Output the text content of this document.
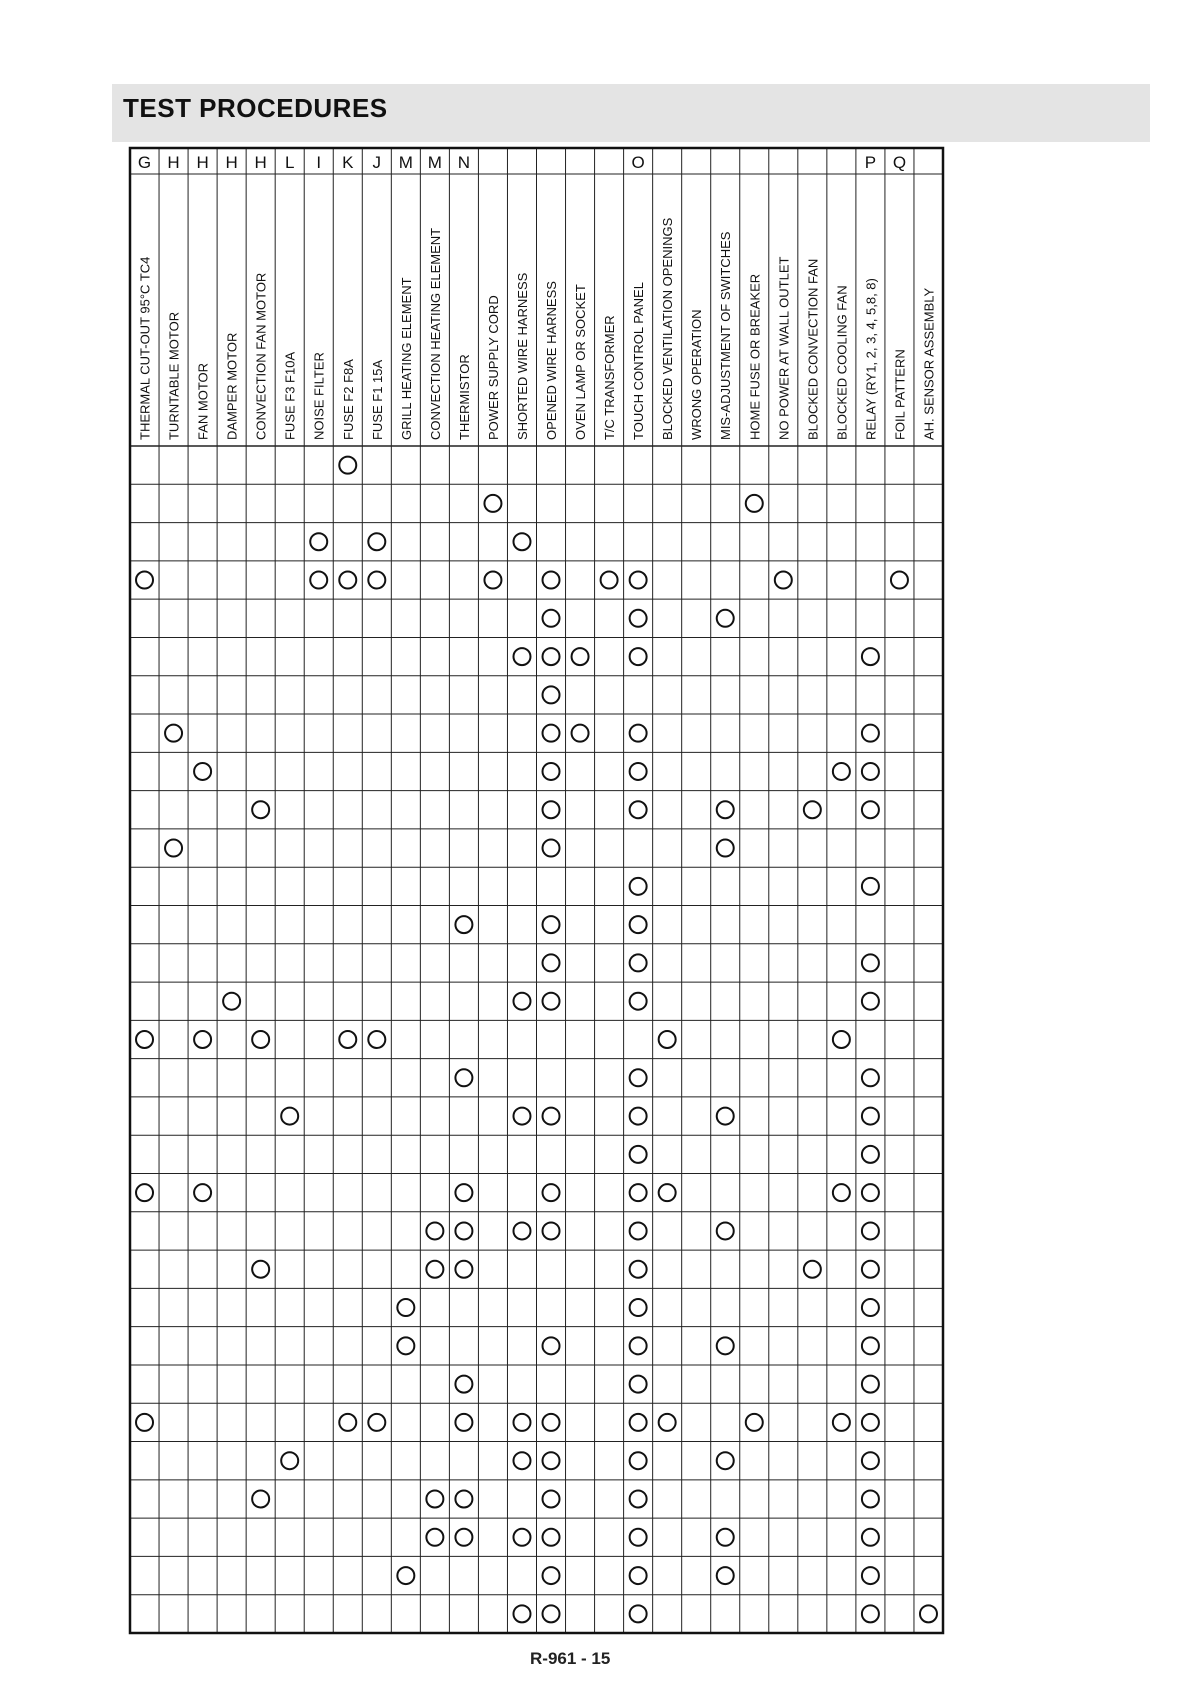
TEST PROCEDURES
G
THERMAL CUT-OUT 95°C TC4
H
TURNTABLE MOTOR
H
FAN MOTOR
H
DAMPER MOTOR
H
CONVECTION FAN MOTOR
L
FUSE F3 F10A
I
NOISE FILTER
K
FUSE F2 F8A
J
FUSE F1 15A
M
GRILL HEATING ELEMENT
M
CONVECTION HEATING ELEMENT
N
THERMISTOR POWER SUPPLY CORD SHORTED WIRE HARNESS OPENED WIRE HARNESS OVEN LAMP OR SOCKET T/C TRANSFORMER
O
TOUCH CONTROL PANEL BLOCKED VENTILATION OPENINGS WRONG OPERATION MIS-ADJUSTMENT OF SWITCHES HOME FUSE OR BREAKER NO POWER AT WALL OUTLET BLOCKED CONVECTION FAN BLOCKED COOLING FAN
P
RELAY (RY1, 2, 3, 4, 5,8, 8)
Q
FOIL PATTERN AH. SENSOR ASSEMBLY
R-961 - 15
